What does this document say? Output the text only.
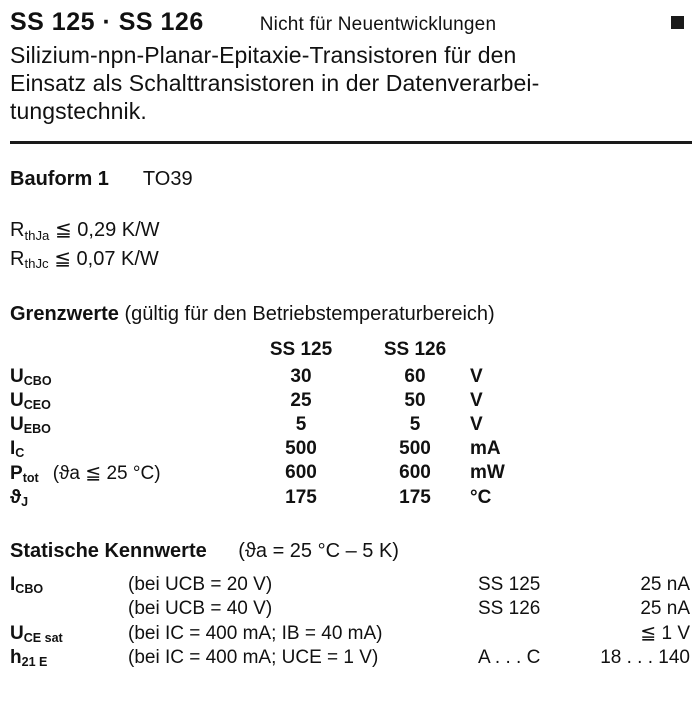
SS 125 · SS 126	Nicht für Neuentwicklungen
Silizium-npn-Planar-Epitaxie-Transistoren für den
Einsatz als Schalttransistoren in der Datenverarbei-
tungstechnik.
Bauform 1 TO39
$R_{thJa}$ ≦ 0,29 K/W
$R_{thJc}$ ≦ 0,07 K/W
Grenzwerte (gültig für den Betriebstemperaturbereich)
	SS 125	SS 126	
$U_{CBO}$	30	60	V
$U_{CEO}$	25	50	V
$U_{EBO}$	5	5	V
$I_C$	500	500	mA
$P_{tot}$ (ϑa ≦ 25 °C)	600	600	mW
$ϑ_J$	175	175	°C
Statische Kennwerte (ϑa = 25 °C – 5 K)
$I_{CBO}$	(bei UCB = 20 V)	SS 125	25 nA
	(bei UCB = 40 V)	SS 126	25 nA
$U_{CE sat}$	(bei IC = 400 mA; IB = 40 mA)		≦ 1 V
$h_{21 E}$	(bei IC = 400 mA; UCE = 1 V)	A . . . C	18 . . . 140
